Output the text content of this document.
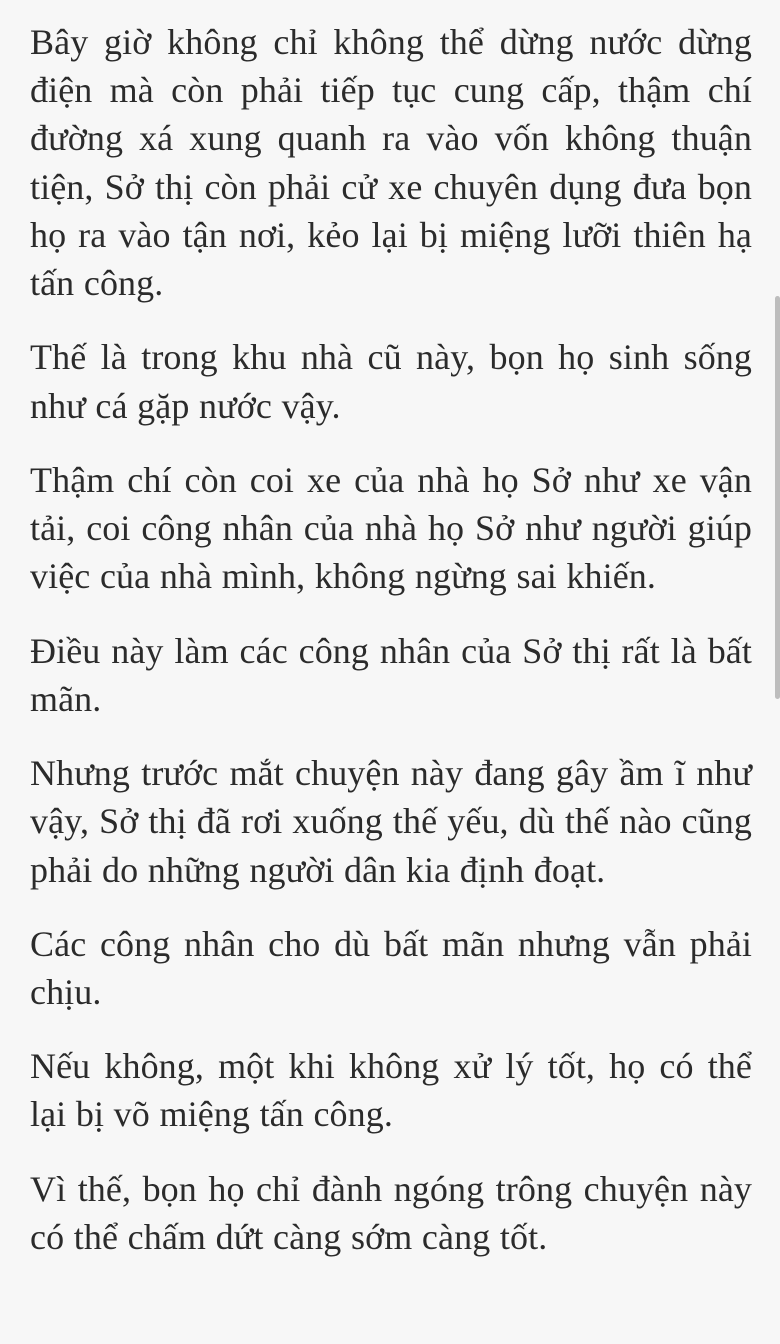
Bây giờ không chỉ không thể dừng nước dừng điện mà còn phải tiếp tục cung cấp, thậm chí đường xá xung quanh ra vào vốn không thuận tiện, Sở thị còn phải cử xe chuyên dụng đưa bọn họ ra vào tận nơi, kẻo lại bị miệng lưỡi thiên hạ tấn công.

Thế là trong khu nhà cũ này, bọn họ sinh sống như cá gặp nước vậy.

Thậm chí còn coi xe của nhà họ Sở như xe vận tải, coi công nhân của nhà họ Sở như người giúp việc của nhà mình, không ngừng sai khiến.

Điều này làm các công nhân của Sở thị rất là bất mãn.

Nhưng trước mắt chuyện này đang gây ầm ĩ như vậy, Sở thị đã rơi xuống thế yếu, dù thế nào cũng phải do những người dân kia định đoạt.

Các công nhân cho dù bất mãn nhưng vẫn phải chịu.

Nếu không, một khi không xử lý tốt, họ có thể lại bị võ miệng tấn công.

Vì thế, bọn họ chỉ đành ngóng trông chuyện này có thể chấm dứt càng sớm càng tốt.
